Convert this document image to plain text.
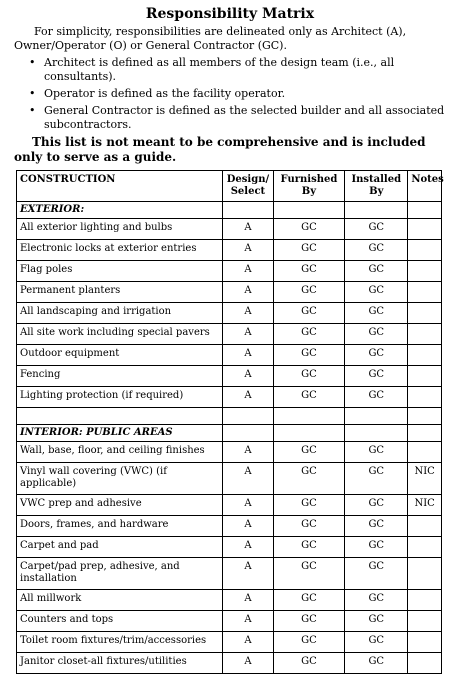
Responsibility Matrix

For simplicity, responsibilities are delineated only as Architect (A), Owner/Operator (O) or General Contractor (GC).

• Architect is defined as all members of the design team (i.e., all consultants).
• Operator is defined as the facility operator.
• General Contractor is defined as the selected builder and all associated subcontractors.

This list is not meant to be comprehensive and is included only to serve as a guide.

CONSTRUCTION	Design/ Select	Furnished By	Installed By	Notes
EXTERIOR:				
All exterior lighting and bulbs	A	GC	GC	
Electronic locks at exterior entries	A	GC	GC	
Flag poles	A	GC	GC	
Permanent planters	A	GC	GC	
All landscaping and irrigation	A	GC	GC	
All site work including special pavers	A	GC	GC	
Outdoor equipment	A	GC	GC	
Fencing	A	GC	GC	
Lighting protection (if required)	A	GC	GC	

INTERIOR: PUBLIC AREAS				
Wall, base, floor, and ceiling finishes	A	GC	GC	
Vinyl wall covering (VWC) (if applicable)	A	GC	GC	NIC
VWC prep and adhesive	A	GC	GC	NIC
Doors, frames, and hardware	A	GC	GC	
Carpet and pad	A	GC	GC	
Carpet/pad prep, adhesive, and installation	A	GC	GC	
All millwork	A	GC	GC	
Counters and tops	A	GC	GC	
Toilet room fixtures/trim/accessories	A	GC	GC	
Janitor closet-all fixtures/utilities	A	GC	GC	
